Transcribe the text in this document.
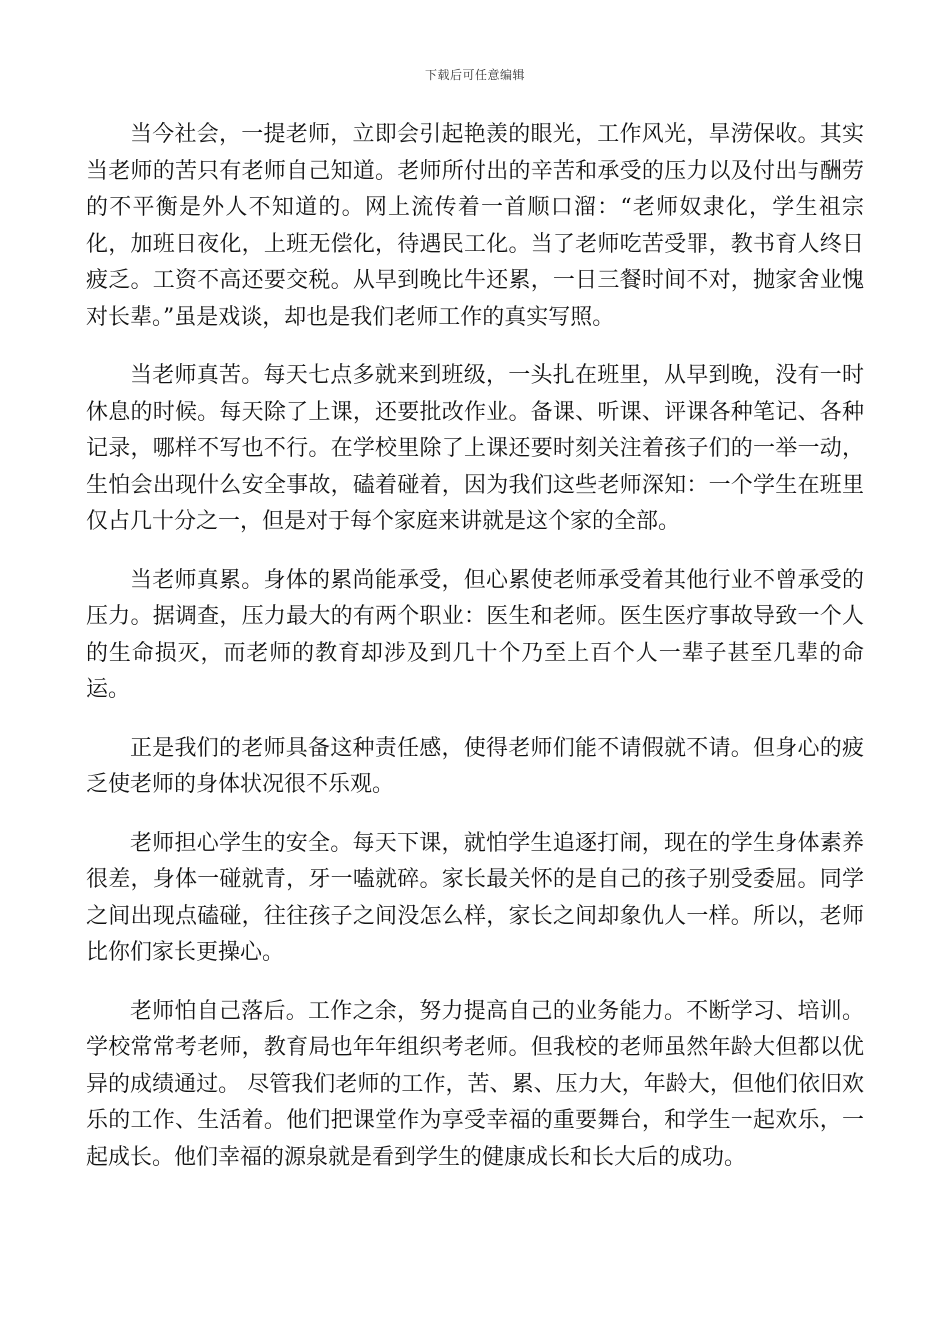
下载后可任意编辑

当今社会，一提老师，立即会引起艳羡的眼光，工作风光，旱涝保收。其实当老师的苦只有老师自己知道。老师所付出的辛苦和承受的压力以及付出与酬劳的不平衡是外人不知道的。网上流传着一首顺口溜：“老师奴隶化，学生祖宗化，加班日夜化，上班无偿化，待遇民工化。当了老师吃苦受罪，教书育人终日疲乏。工资不高还要交税。从早到晚比牛还累，一日三餐时间不对，抛家舍业愧对长辈。”虽是戏谈，却也是我们老师工作的真实写照。

当老师真苦。每天七点多就来到班级，一头扎在班里，从早到晚，没有一时休息的时候。每天除了上课，还要批改作业。备课、听课、评课各种笔记、各种记录，哪样不写也不行。在学校里除了上课还要时刻关注着孩子们的一举一动，生怕会出现什么安全事故，磕着碰着，因为我们这些老师深知：一个学生在班里仅占几十分之一，但是对于每个家庭来讲就是这个家的全部。

当老师真累。身体的累尚能承受，但心累使老师承受着其他行业不曾承受的压力。据调查，压力最大的有两个职业：医生和老师。医生医疗事故导致一个人的生命损灭，而老师的教育却涉及到几十个乃至上百个人一辈子甚至几辈的命运。

正是我们的老师具备这种责任感，使得老师们能不请假就不请。但身心的疲乏使老师的身体状况很不乐观。

老师担心学生的安全。每天下课，就怕学生追逐打闹，现在的学生身体素养很差，身体一碰就青，牙一嗑就碎。家长最关怀的是自己的孩子别受委屈。同学之间出现点磕碰，往往孩子之间没怎么样，家长之间却象仇人一样。所以，老师比你们家长更操心。

老师怕自己落后。工作之余，努力提高自己的业务能力。不断学习、培训。学校常常考老师，教育局也年年组织考老师。但我校的老师虽然年龄大但都以优异的成绩通过。 尽管我们老师的工作，苦、累、压力大，年龄大，但他们依旧欢乐的工作、生活着。他们把课堂作为享受幸福的重要舞台，和学生一起欢乐，一起成长。他们幸福的源泉就是看到学生的健康成长和长大后的成功。
